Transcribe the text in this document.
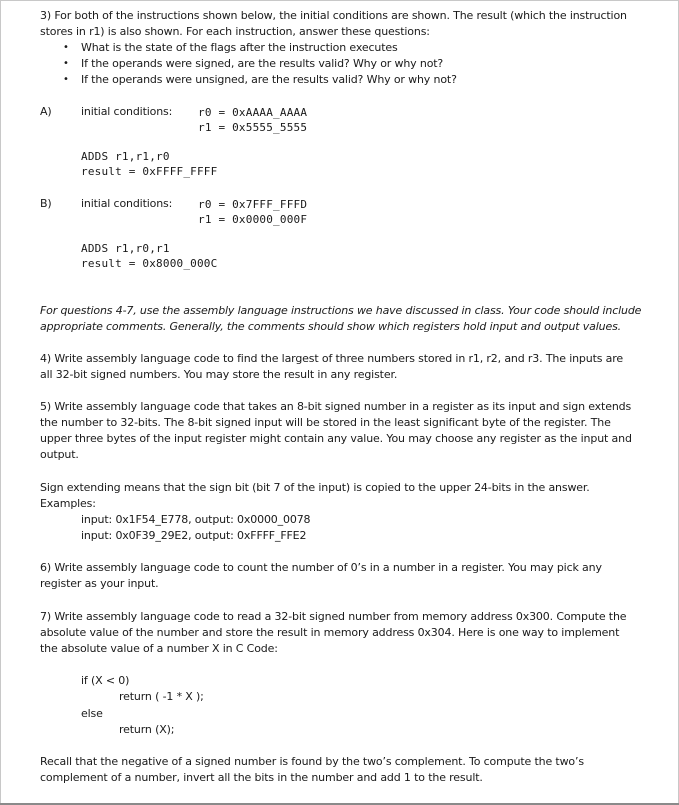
3) For both of the instructions shown below, the initial conditions are shown. The result (which the instruction
stores in r1) is also shown. For each instruction, answer these questions:
• What is the state of the flags after the instruction executes
• If the operands were signed, are the results valid? Why or why not?
• If the operands were unsigned, are the results valid? Why or why not?
A)	initial conditions: r0 = 0xAAAA_AAAA
r1 = 0x5555_5555
ADDS r1,r1,r0
result = 0xFFFF_FFFF
B)	initial conditions: r0 = 0x7FFF_FFFD
r1 = 0x0000_000F
ADDS r1,r0,r1
result = 0x8000_000C
For questions 4-7, use the assembly language instructions we have discussed in class. Your code should include
appropriate comments. Generally, the comments should show which registers hold input and output values.
4) Write assembly language code to find the largest of three numbers stored in r1, r2, and r3. The inputs are
all 32-bit signed numbers. You may store the result in any register.
5) Write assembly language code that takes an 8-bit signed number in a register as its input and sign extends
the number to 32-bits. The 8-bit signed input will be stored in the least significant byte of the register. The
upper three bytes of the input register might contain any value. You may choose any register as the input and
output.
Sign extending means that the sign bit (bit 7 of the input) is copied to the upper 24-bits in the answer.
Examples:
input: 0x1F54_E778, output: 0x0000_0078
input: 0x0F39_29E2, output: 0xFFFF_FFE2
6) Write assembly language code to count the number of 0’s in a number in a register. You may pick any
register as your input.
7) Write assembly language code to read a 32-bit signed number from memory address 0x300. Compute the
absolute value of the number and store the result in memory address 0x304. Here is one way to implement
the absolute value of a number X in C Code:
if (X < 0)
return ( -1 * X );
else
return (X);
Recall that the negative of a signed number is found by the two’s complement. To compute the two’s
complement of a number, invert all the bits in the number and add 1 to the result.
